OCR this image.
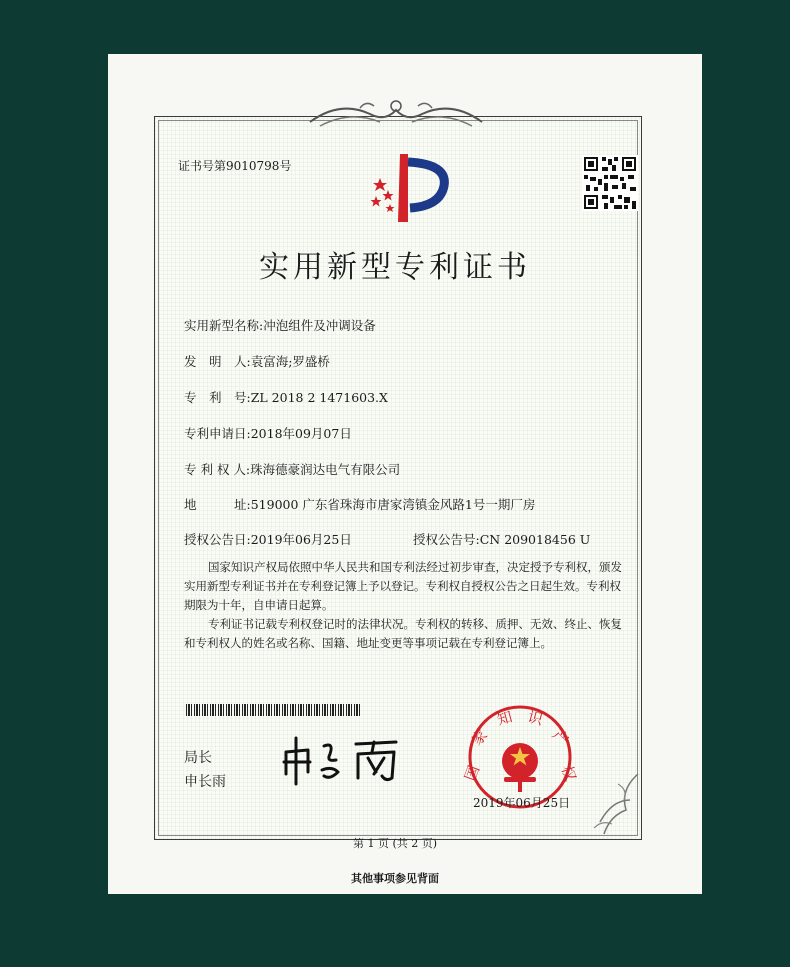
证书号第9010798号
实用新型专利证书
实用新型名称:冲泡组件及冲调设备
发　明　人:袁富海;罗盛桥
专　利　号:ZL 2018 2 1471603.X
专利申请日:2018年09月07日
专 利 权 人:珠海德豪润达电气有限公司
地　　　址:519000 广东省珠海市唐家湾镇金风路1号一期厂房
授权公告日:2019年06月25日	授权公告号:CN 209018456 U
国家知识产权局依照中华人民共和国专利法经过初步审查，决定授予专利权，颁发实用新型专利证书并在专利登记簿上予以登记。专利权自授权公告之日起生效。专利权期限为十年，自申请日起算。
专利证书记载专利权登记时的法律状况。专利权的转移、质押、无效、终止、恢复和专利权人的姓名或名称、国籍、地址变更等事项记载在专利登记簿上。
局长
申长雨	国
家
知 识
产
权
2019年06月25日
第 1 页 (共 2 页)
其他事项参见背面
